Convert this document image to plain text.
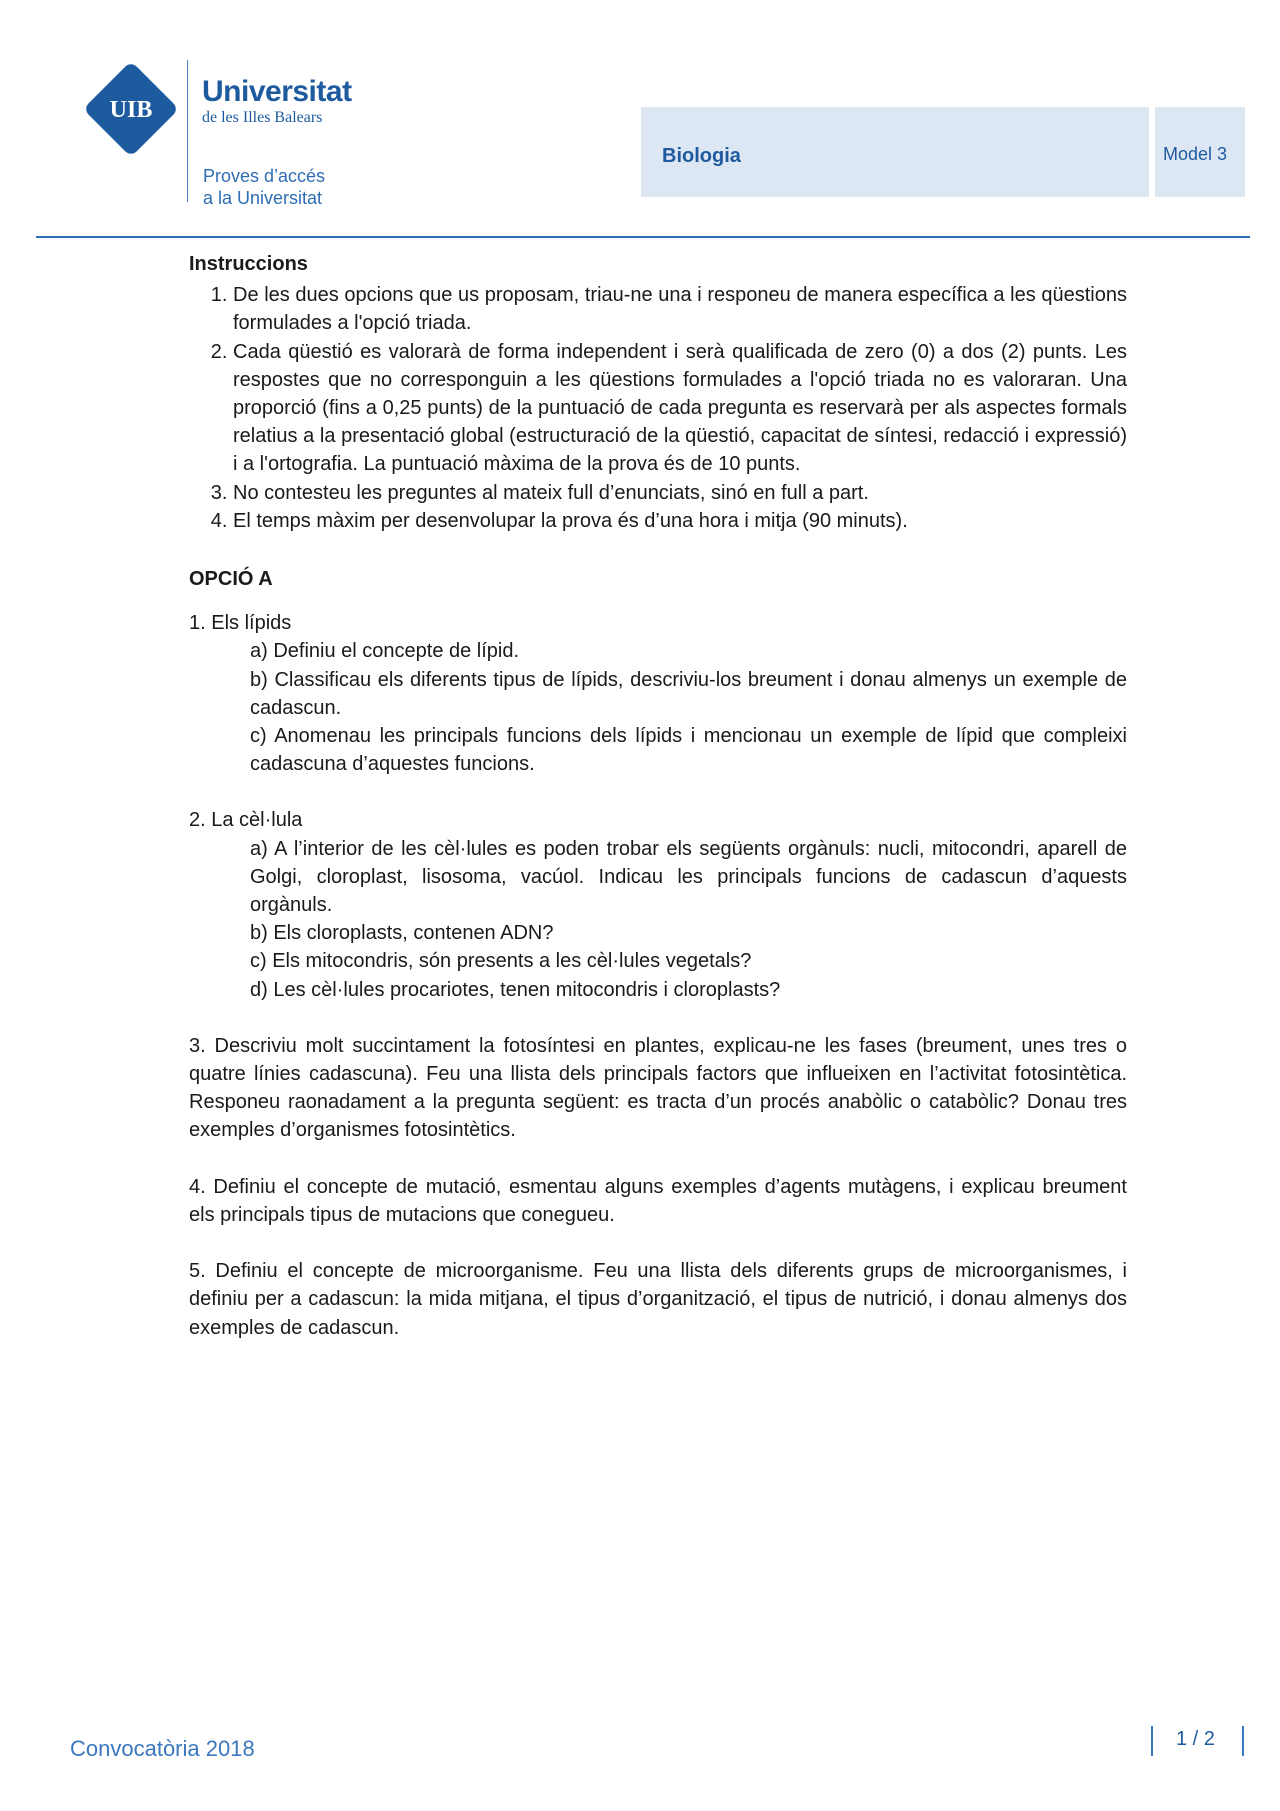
UIB
Universitat
de les Illes Balears
Proves d’accés
a la Universitat
Biologia	Model 3
Instruccions
1. De les dues opcions que us proposam, triau-ne una i responeu de manera específica a les qüestions formulades a l'opció triada.
2. Cada qüestió es valorarà de forma independent i serà qualificada de zero (0) a dos (2) punts. Les respostes que no corresponguin a les qüestions formulades a l'opció triada no es valoraran. Una proporció (fins a 0,25 punts) de la puntuació de cada pregunta es reservarà per als aspectes formals relatius a la presentació global (estructuració de la qüestió, capacitat de síntesi, redacció i expressió) i a l'ortografia. La puntuació màxima de la prova és de 10 punts.
3. No contesteu les preguntes al mateix full d’enunciats, sinó en full a part.
4. El temps màxim per desenvolupar la prova és d’una hora i mitja (90 minuts).
OPCIÓ A
1. Els lípids
a) Definiu el concepte de lípid.
b) Classificau els diferents tipus de lípids, descriviu-los breument i donau almenys un exemple de cadascun.
c) Anomenau les principals funcions dels lípids i mencionau un exemple de lípid que compleixi cadascuna d’aquestes funcions.
2. La cèl·lula
a) A l’interior de les cèl·lules es poden trobar els següents orgànuls: nucli, mitocondri, aparell de Golgi, cloroplast, lisosoma, vacúol. Indicau les principals funcions de cadascun d’aquests orgànuls.
b) Els cloroplasts, contenen ADN?
c) Els mitocondris, són presents a les cèl·lules vegetals?
d) Les cèl·lules procariotes, tenen mitocondris i cloroplasts?
3. Descriviu molt succintament la fotosíntesi en plantes, explicau-ne les fases (breument, unes tres o quatre línies cadascuna). Feu una llista dels principals factors que influeixen en l’activitat fotosintètica. Responeu raonadament a la pregunta següent: es tracta d’un procés anabòlic o catabòlic? Donau tres exemples d’organismes fotosintètics.
4. Definiu el concepte de mutació, esmentau alguns exemples d’agents mutàgens, i explicau breument els principals tipus de mutacions que conegueu.
5. Definiu el concepte de microorganisme. Feu una llista dels diferents grups de microorganismes, i definiu per a cadascun: la mida mitjana, el tipus d’organització, el tipus de nutrició, i donau almenys dos exemples de cadascun.
Convocatòria 2018	1 / 2
